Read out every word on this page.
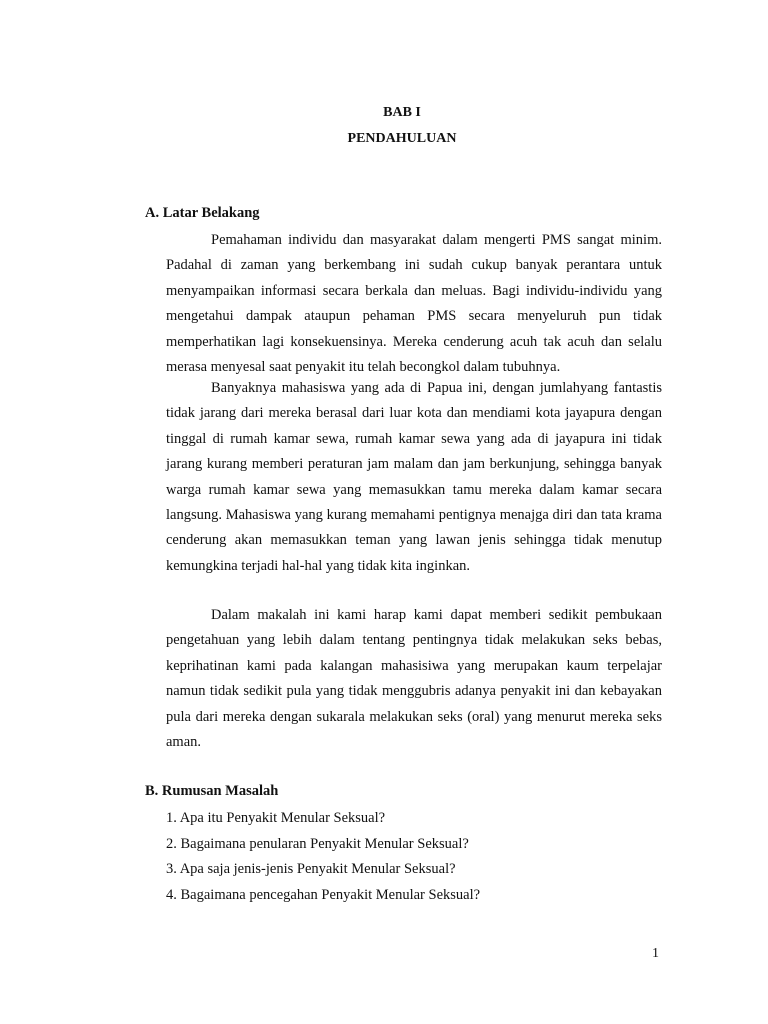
BAB I
PENDAHULUAN
A. Latar Belakang

Pemahaman individu dan masyarakat dalam mengerti PMS sangat minim. Padahal di zaman yang berkembang ini sudah cukup banyak perantara untuk menyampaikan informasi secara berkala dan meluas. Bagi individu-individu yang mengetahui dampak ataupun pehaman PMS secara menyeluruh pun tidak memperhatikan lagi konsekuensinya. Mereka cenderung acuh tak acuh dan selalu merasa menyesal saat penyakit itu telah becongkol dalam tubuhnya.

Banyaknya mahasiswa yang ada di Papua ini, dengan jumlahyang fantastis tidak jarang dari mereka berasal dari luar kota dan mendiami kota jayapura dengan tinggal di rumah kamar sewa, rumah kamar sewa yang ada di jayapura ini tidak jarang kurang memberi peraturan jam malam dan jam berkunjung, sehingga banyak warga rumah kamar sewa yang memasukkan tamu mereka dalam kamar secara langsung. Mahasiswa yang kurang memahami pentignya menajga diri dan tata krama cenderung akan memasukkan teman yang lawan jenis sehingga tidak menutup kemungkina terjadi hal-hal yang tidak kita inginkan.

Dalam makalah ini kami harap kami dapat memberi sedikit pembukaan pengetahuan yang lebih dalam tentang pentingnya tidak melakukan seks bebas, keprihatinan kami pada kalangan mahasisiwa yang merupakan kaum terpelajar namun tidak sedikit pula yang tidak menggubris adanya penyakit ini dan kebayakan pula dari mereka dengan sukarala melakukan seks (oral) yang menurut mereka seks aman.

B. Rumusan Masalah
1. Apa itu Penyakit Menular Seksual?
2. Bagaimana penularan Penyakit Menular Seksual?
3. Apa saja jenis-jenis Penyakit Menular Seksual?
4. Bagaimana pencegahan Penyakit Menular Seksual?
1
